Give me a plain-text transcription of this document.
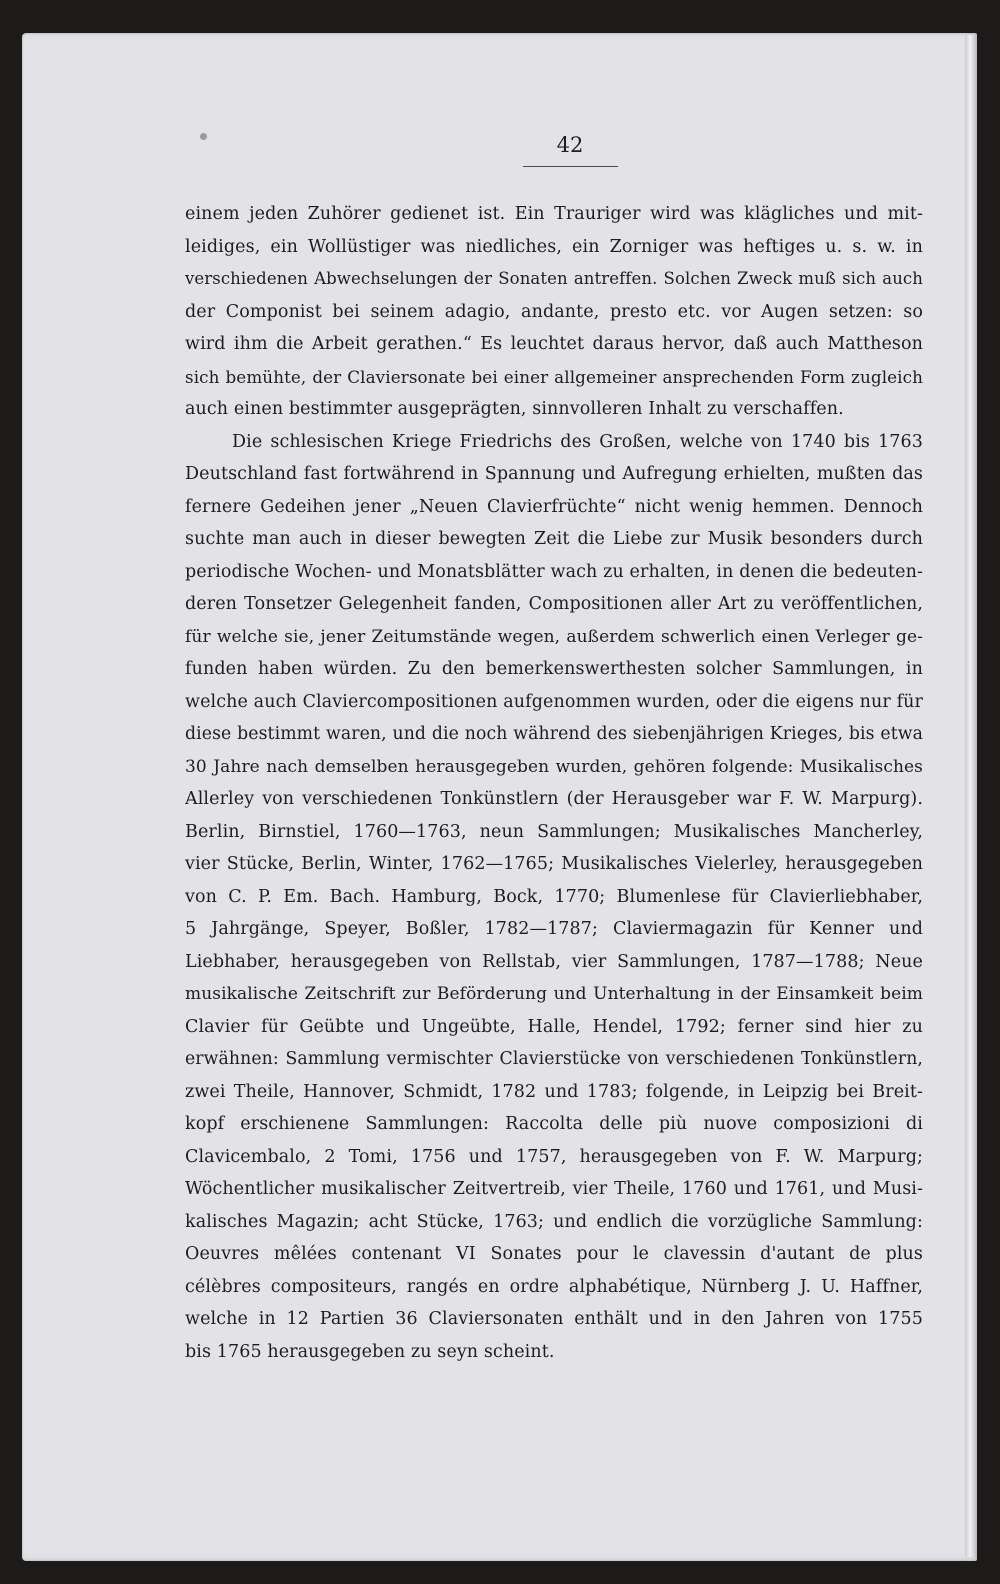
42
einem jeden Zuhörer gedienet ist. Ein Trauriger wird was klägliches und mit-
leidiges, ein Wollüstiger was niedliches, ein Zorniger was heftiges u. s. w. in
verschiedenen Abwechselungen der Sonaten antreffen. Solchen Zweck muß sich auch
der Componist bei seinem adagio, andante, presto etc. vor Augen setzen: so
wird ihm die Arbeit gerathen.“ Es leuchtet daraus hervor, daß auch Mattheson
sich bemühte, der Claviersonate bei einer allgemeiner ansprechenden Form zugleich
auch einen bestimmter ausgeprägten, sinnvolleren Inhalt zu verschaffen.
Die schlesischen Kriege Friedrichs des Großen, welche von 1740 bis 1763
Deutschland fast fortwährend in Spannung und Aufregung erhielten, mußten das
fernere Gedeihen jener „Neuen Clavierfrüchte“ nicht wenig hemmen. Dennoch
suchte man auch in dieser bewegten Zeit die Liebe zur Musik besonders durch
periodische Wochen- und Monatsblätter wach zu erhalten, in denen die bedeuten-
deren Tonsetzer Gelegenheit fanden, Compositionen aller Art zu veröffentlichen,
für welche sie, jener Zeitumstände wegen, außerdem schwerlich einen Verleger ge-
funden haben würden. Zu den bemerkenswerthesten solcher Sammlungen, in
welche auch Claviercompositionen aufgenommen wurden, oder die eigens nur für
diese bestimmt waren, und die noch während des siebenjährigen Krieges, bis etwa
30 Jahre nach demselben herausgegeben wurden, gehören folgende: Musikalisches
Allerley von verschiedenen Tonkünstlern (der Herausgeber war F. W. Marpurg).
Berlin, Birnstiel, 1760—1763, neun Sammlungen; Musikalisches Mancherley,
vier Stücke, Berlin, Winter, 1762—1765; Musikalisches Vielerley, herausgegeben
von C. P. Em. Bach. Hamburg, Bock, 1770; Blumenlese für Clavierliebhaber,
5 Jahrgänge, Speyer, Boßler, 1782—1787; Claviermagazin für Kenner und
Liebhaber, herausgegeben von Rellstab, vier Sammlungen, 1787—1788; Neue
musikalische Zeitschrift zur Beförderung und Unterhaltung in der Einsamkeit beim
Clavier für Geübte und Ungeübte, Halle, Hendel, 1792; ferner sind hier zu
erwähnen: Sammlung vermischter Clavierstücke von verschiedenen Tonkünstlern,
zwei Theile, Hannover, Schmidt, 1782 und 1783; folgende, in Leipzig bei Breit-
kopf erschienene Sammlungen: Raccolta delle più nuove composizioni di
Clavicembalo, 2 Tomi, 1756 und 1757, herausgegeben von F. W. Marpurg;
Wöchentlicher musikalischer Zeitvertreib, vier Theile, 1760 und 1761, und Musi-
kalisches Magazin; acht Stücke, 1763; und endlich die vorzügliche Sammlung:
Oeuvres mêlées contenant VI Sonates pour le clavessin d'autant de plus
célèbres compositeurs, rangés en ordre alphabétique, Nürnberg J. U. Haffner,
welche in 12 Partien 36 Claviersonaten enthält und in den Jahren von 1755
bis 1765 herausgegeben zu seyn scheint.
